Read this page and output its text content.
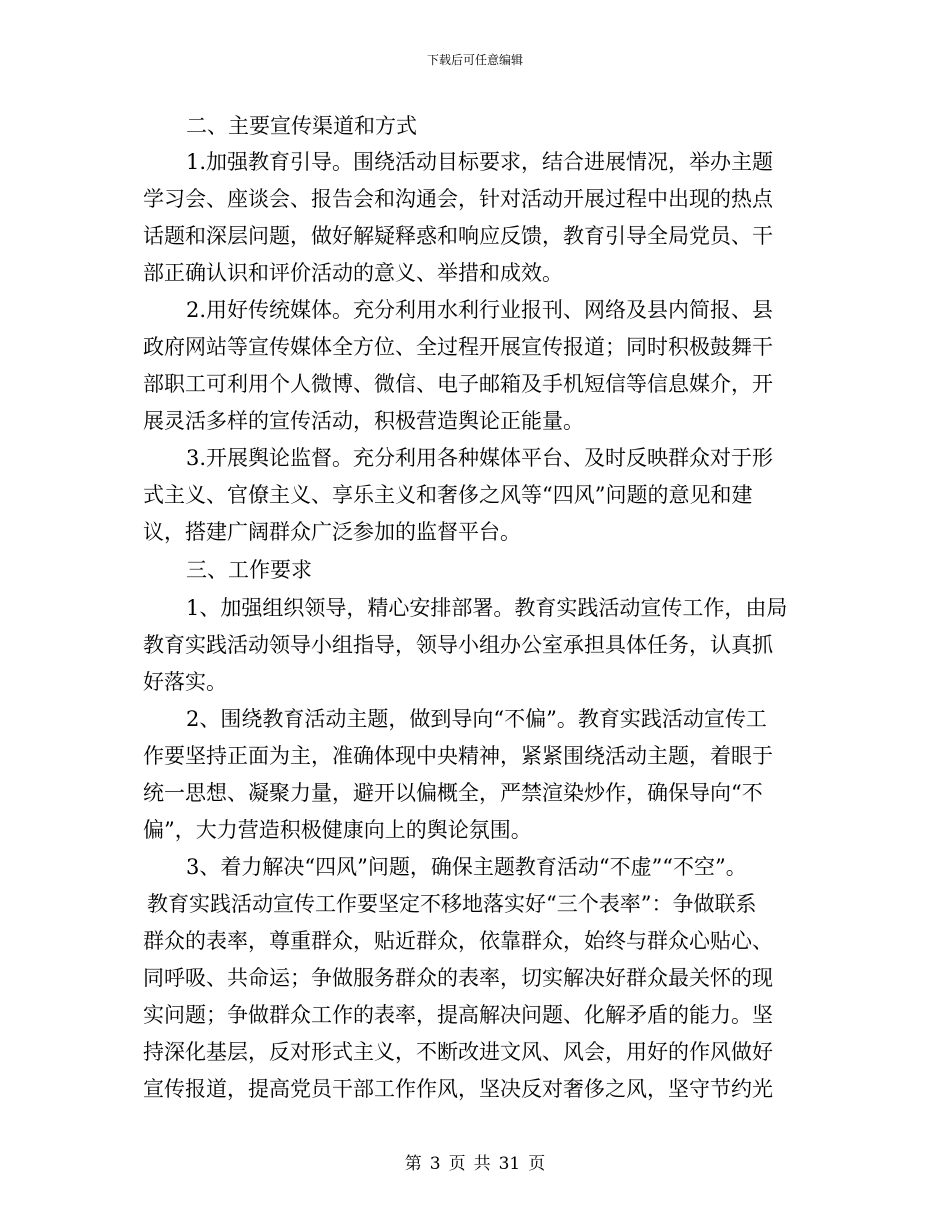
下载后可任意编辑
二、主要宣传渠道和方式
1.加强教育引导。围绕活动目标要求，结合进展情况，举办主题
学习会、座谈会、报告会和沟通会，针对活动开展过程中出现的热点
话题和深层问题，做好解疑释惑和响应反馈，教育引导全局党员、干
部正确认识和评价活动的意义、举措和成效。
2.用好传统媒体。充分利用水利行业报刊、网络及县内简报、县
政府网站等宣传媒体全方位、全过程开展宣传报道；同时积极鼓舞干
部职工可利用个人微博、微信、电子邮箱及手机短信等信息媒介，开
展灵活多样的宣传活动，积极营造舆论正能量。
3.开展舆论监督。充分利用各种媒体平台、及时反映群众对于形
式主义、官僚主义、享乐主义和奢侈之风等“四风”问题的意见和建
议，搭建广阔群众广泛参加的监督平台。
三、工作要求
1、加强组织领导，精心安排部署。教育实践活动宣传工作，由局
教育实践活动领导小组指导，领导小组办公室承担具体任务，认真抓
好落实。
2、围绕教育活动主题，做到导向“不偏”。教育实践活动宣传工
作要坚持正面为主，准确体现中央精神，紧紧围绕活动主题，着眼于
统一思想、凝聚力量，避开以偏概全，严禁渲染炒作，确保导向“不
偏”，大力营造积极健康向上的舆论氛围。
3、着力解决“四风”问题，确保主题教育活动“不虚”“不空”。
教育实践活动宣传工作要坚定不移地落实好“三个表率”：争做联系
群众的表率，尊重群众，贴近群众，依靠群众，始终与群众心贴心、
同呼吸、共命运；争做服务群众的表率，切实解决好群众最关怀的现
实问题；争做群众工作的表率，提高解决问题、化解矛盾的能力。坚
持深化基层，反对形式主义，不断改进文风、风会，用好的作风做好
宣传报道，提高党员干部工作作风，坚决反对奢侈之风，坚守节约光
第 3 页 共 31 页
